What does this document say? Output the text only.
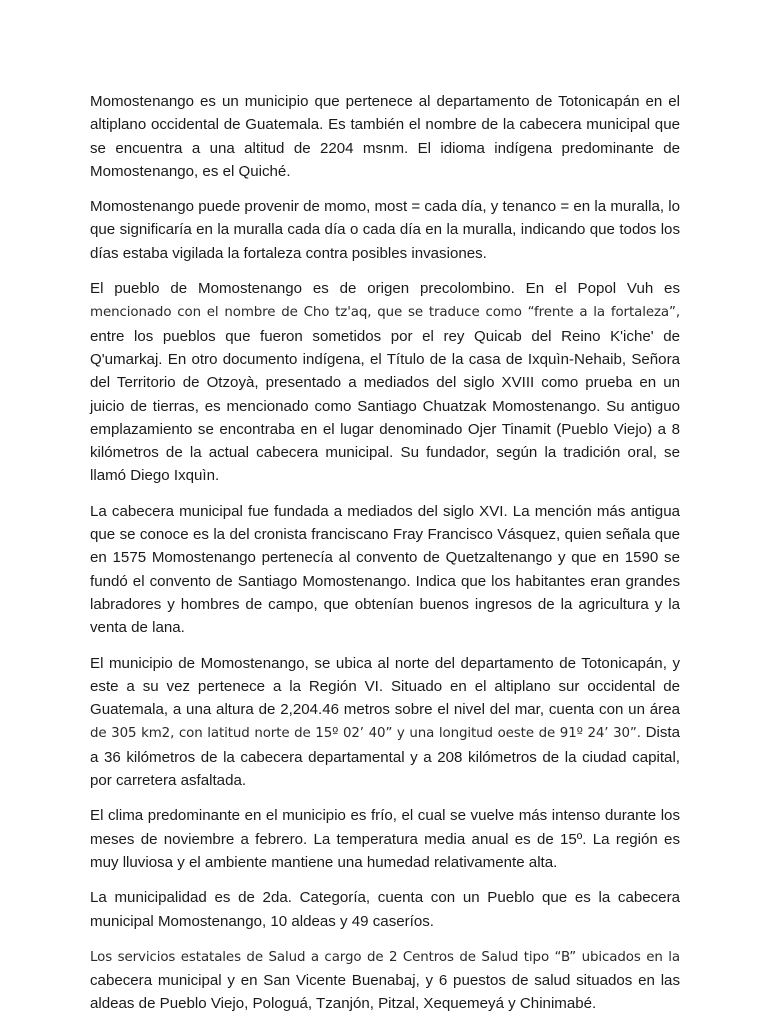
Momostenango es un municipio que pertenece al departamento de Totonicapán en el altiplano occidental de Guatemala. Es también el nombre de la cabecera municipal que se encuentra a una altitud de 2204 msnm. El idioma indígena predominante de Momostenango, es el Quiché.

Momostenango puede provenir de momo, most = cada día, y tenanco = en la muralla, lo que significaría en la muralla cada día o cada día en la muralla, indicando que todos los días estaba vigilada la fortaleza contra posibles invasiones.

El pueblo de Momostenango es de origen precolombino. En el Popol Vuh es mencionado con el nombre de Cho tz'aq, que se traduce como “frente a la fortaleza”, entre los pueblos que fueron sometidos por el rey Quicab del Reino K'iche' de Q'umarkaj. En otro documento indígena, el Título de la casa de Ixquìn-Nehaib, Señora del Territorio de Otzoyà, presentado a mediados del siglo XVIII como prueba en un juicio de tierras, es mencionado como Santiago Chuatzak Momostenango. Su antiguo emplazamiento se encontraba en el lugar denominado Ojer Tinamit (Pueblo Viejo) a 8 kilómetros de la actual cabecera municipal. Su fundador, según la tradición oral, se llamó Diego Ixquìn.

La cabecera municipal fue fundada a mediados del siglo XVI. La mención más antigua que se conoce es la del cronista franciscano Fray Francisco Vásquez, quien señala que en 1575 Momostenango pertenecía al convento de Quetzaltenango y que en 1590 se fundó el convento de Santiago Momostenango. Indica que los habitantes eran grandes labradores y hombres de campo, que obtenían buenos ingresos de la agricultura y la venta de lana.

El municipio de Momostenango, se ubica al norte del departamento de Totonicapán, y este a su vez pertenece a la Región VI. Situado en el altiplano sur occidental de Guatemala, a una altura de 2,204.46 metros sobre el nivel del mar, cuenta con un área de 305 km2, con latitud norte de 15º 02’ 40” y una longitud oeste de 91º 24’ 30”. Dista a 36 kilómetros de la cabecera departamental y a 208 kilómetros de la ciudad capital, por carretera asfaltada.

El clima predominante en el municipio es frío, el cual se vuelve más intenso durante los meses de noviembre a febrero. La temperatura media anual es de 15º. La región es muy lluviosa y el ambiente mantiene una humedad relativamente alta.

La municipalidad es de 2da. Categoría, cuenta con un Pueblo que es la cabecera municipal Momostenango, 10 aldeas y 49 caseríos.

Los servicios estatales de Salud a cargo de 2 Centros de Salud tipo “B” ubicados en la cabecera municipal y en San Vicente Buenabaj, y 6 puestos de salud situados en las aldeas de Pueblo Viejo, Pologuá, Tzanjón, Pitzal, Xequemeyá y Chinimabé.
